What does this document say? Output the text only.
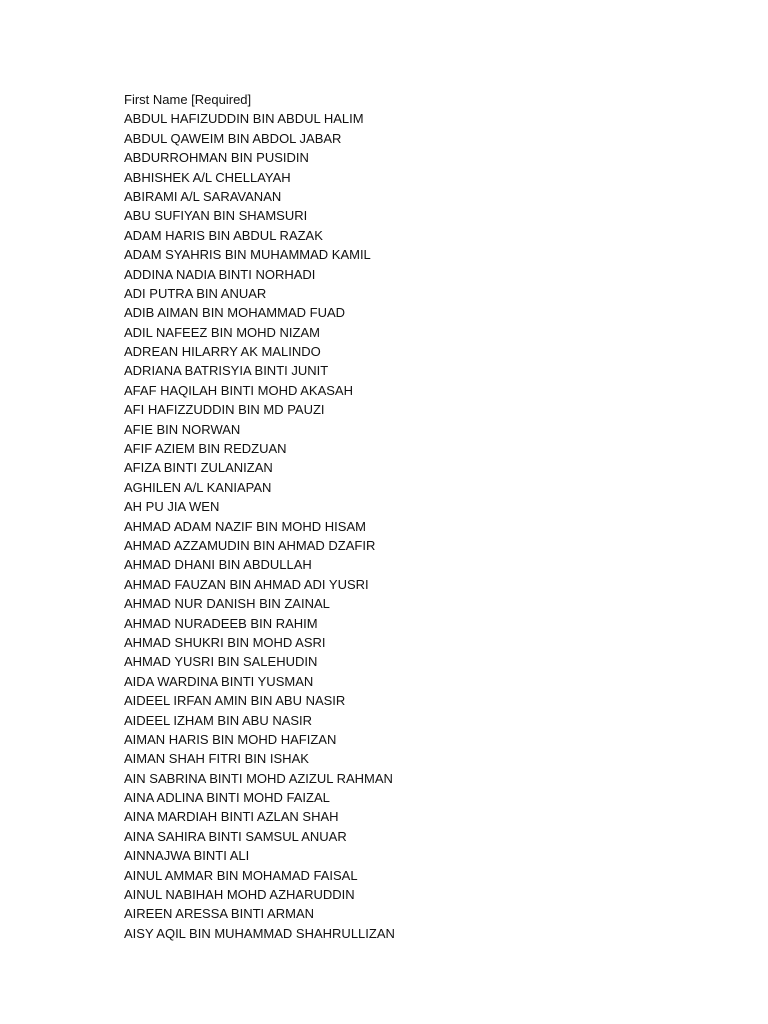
First Name [Required]
ABDUL HAFIZUDDIN BIN ABDUL HALIM
ABDUL QAWEIM BIN ABDOL JABAR
ABDURROHMAN BIN PUSIDIN
ABHISHEK A/L CHELLAYAH
ABIRAMI A/L SARAVANAN
ABU SUFIYAN BIN SHAMSURI
ADAM HARIS BIN ABDUL RAZAK
ADAM SYAHRIS BIN MUHAMMAD KAMIL
ADDINA NADIA BINTI NORHADI
ADI PUTRA BIN ANUAR
ADIB AIMAN BIN MOHAMMAD FUAD
ADIL NAFEEZ BIN MOHD NIZAM
ADREAN HILARRY AK MALINDO
ADRIANA BATRISYIA BINTI JUNIT
AFAF HAQILAH BINTI MOHD AKASAH
AFI HAFIZZUDDIN BIN MD PAUZI
AFIE BIN NORWAN
AFIF AZIEM BIN REDZUAN
AFIZA BINTI ZULANIZAN
AGHILEN A/L KANIAPAN
AH PU JIA WEN
AHMAD ADAM NAZIF BIN MOHD HISAM
AHMAD AZZAMUDIN BIN AHMAD DZAFIR
AHMAD DHANI BIN ABDULLAH
AHMAD FAUZAN BIN AHMAD ADI YUSRI
AHMAD NUR DANISH BIN ZAINAL
AHMAD NURADEEB BIN RAHIM
AHMAD SHUKRI BIN MOHD ASRI
AHMAD YUSRI BIN SALEHUDIN
AIDA WARDINA BINTI YUSMAN
AIDEEL IRFAN AMIN BIN ABU NASIR
AIDEEL IZHAM BIN ABU NASIR
AIMAN HARIS BIN MOHD HAFIZAN
AIMAN SHAH FITRI BIN ISHAK
AIN SABRINA BINTI MOHD AZIZUL RAHMAN
AINA ADLINA BINTI MOHD FAIZAL
AINA MARDIAH BINTI AZLAN SHAH
AINA SAHIRA BINTI SAMSUL ANUAR
AINNAJWA BINTI ALI
AINUL AMMAR BIN MOHAMAD FAISAL
AINUL NABIHAH MOHD AZHARUDDIN
AIREEN ARESSA BINTI ARMAN
AISY AQIL BIN MUHAMMAD SHAHRULLIZAN
